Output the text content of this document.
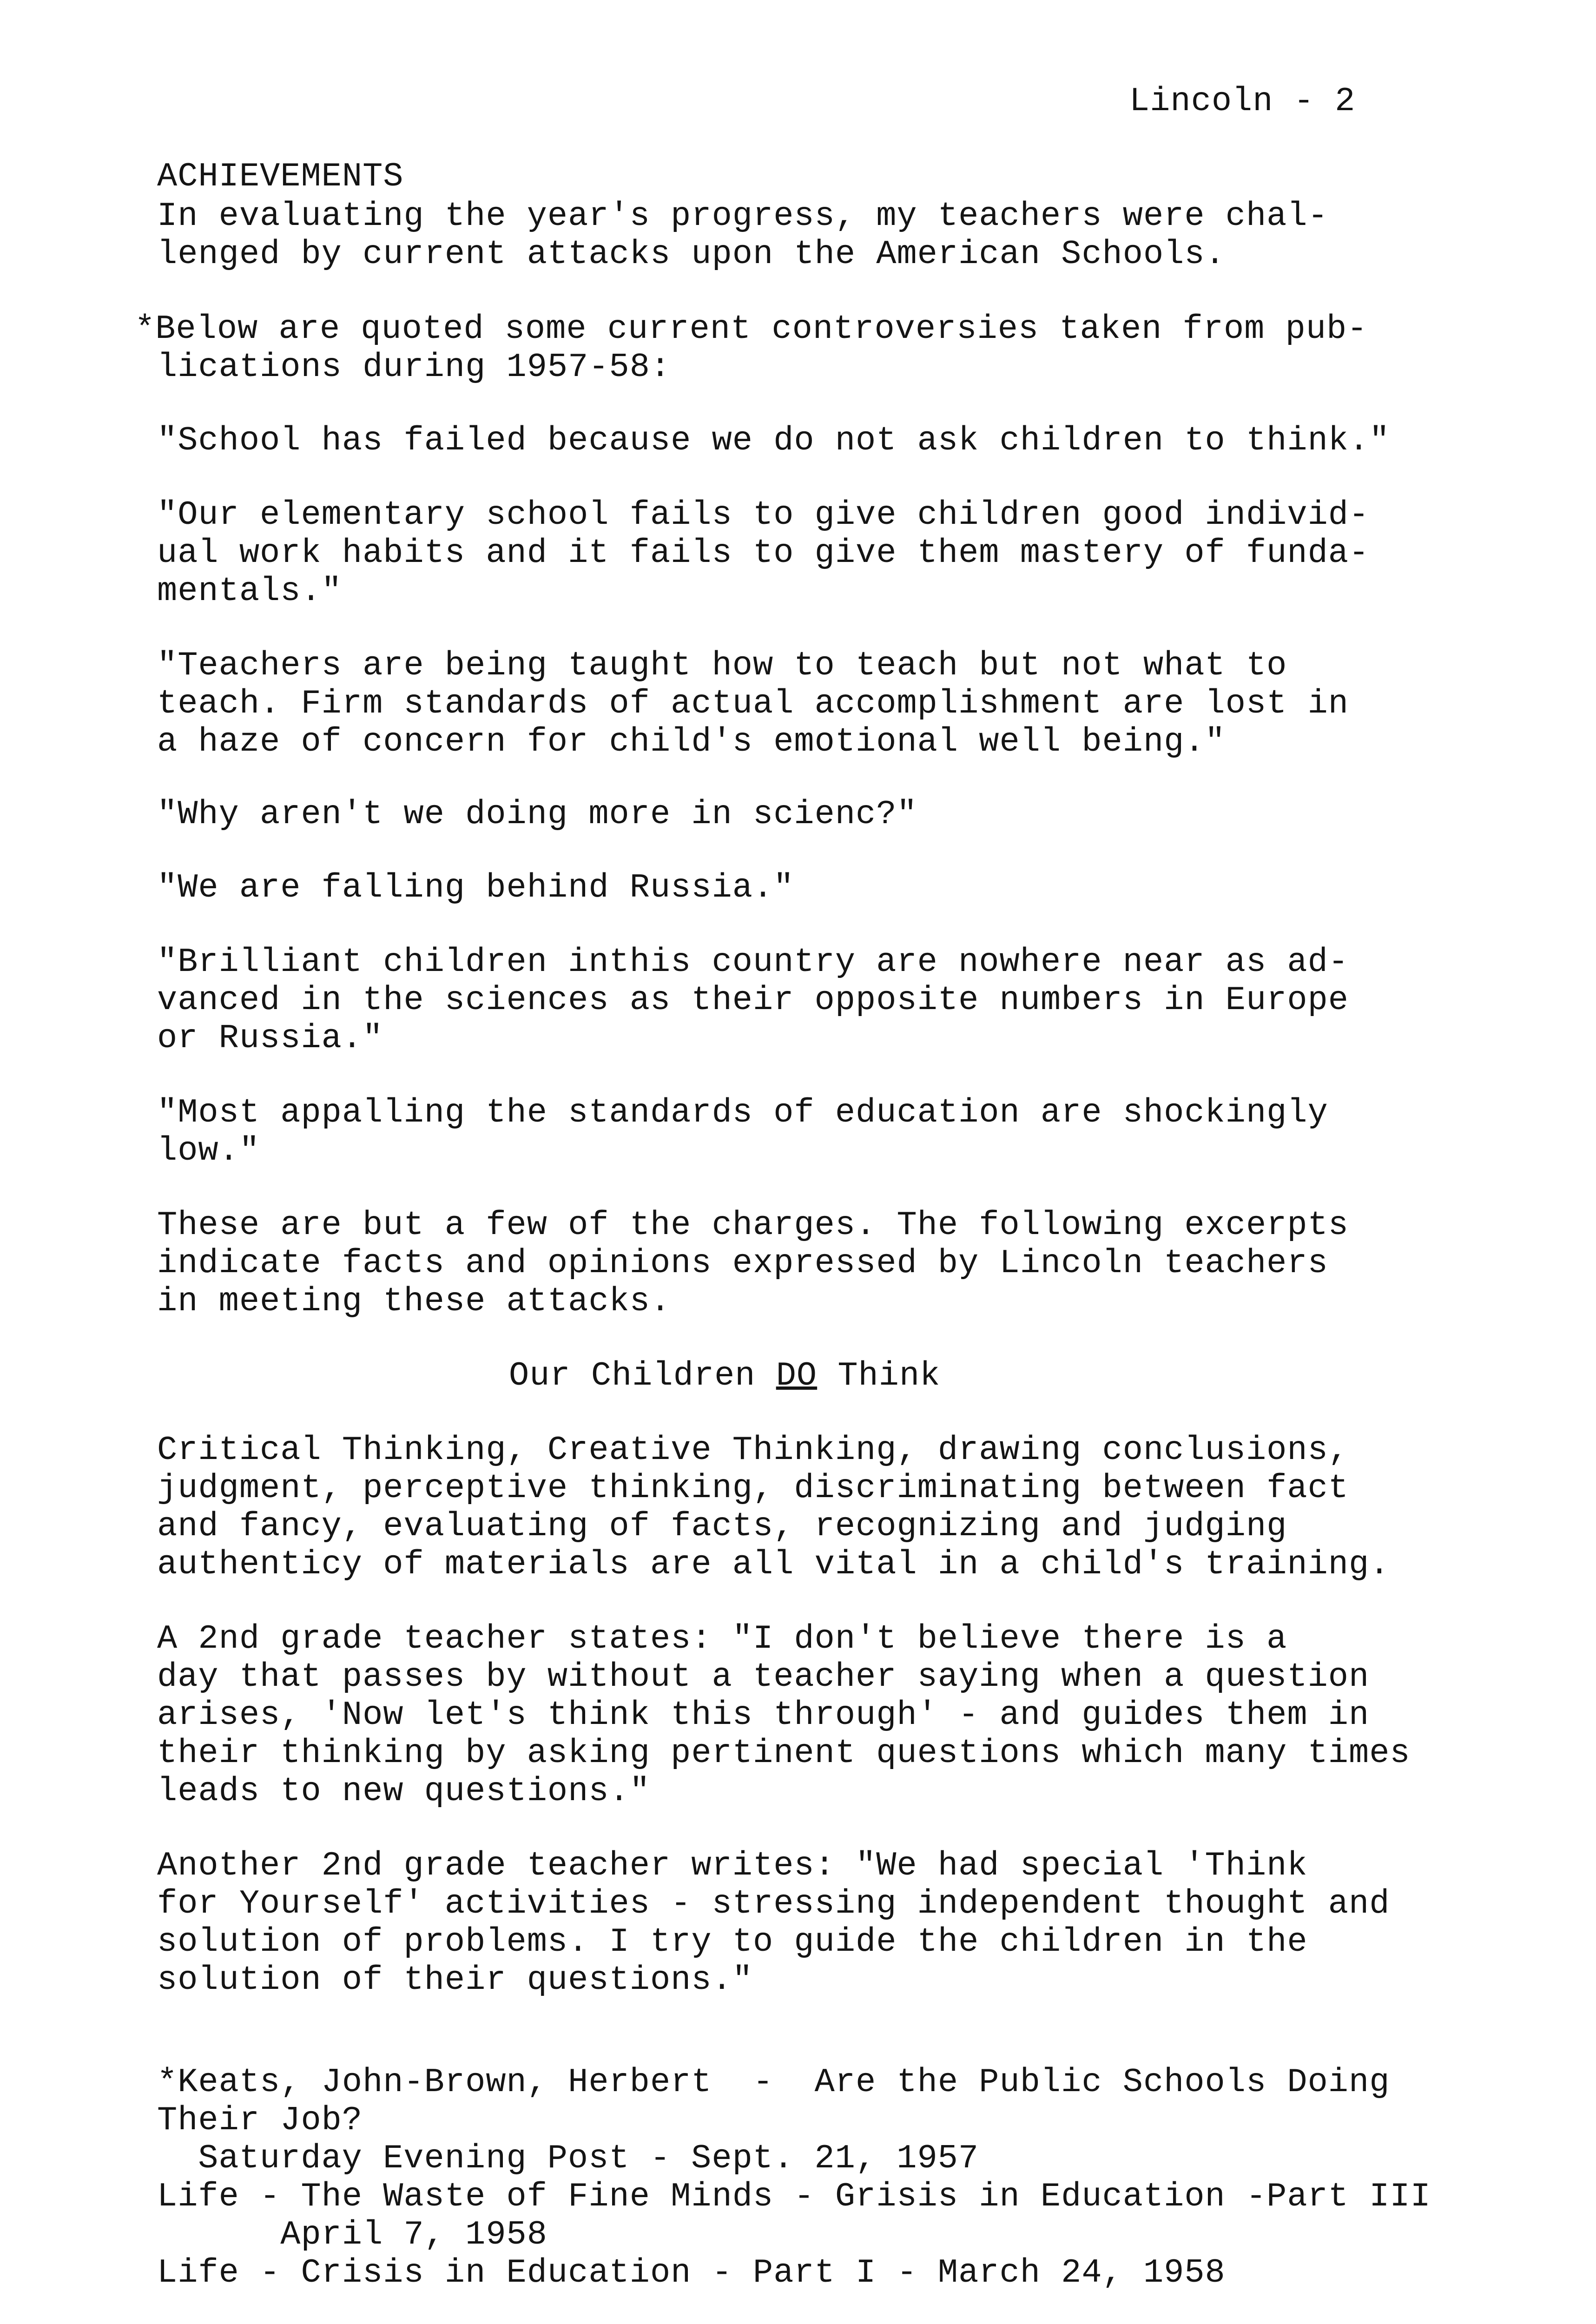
Lincoln - 2

ACHIEVEMENTS

In evaluating the year's progress, my teachers were chal-

lenged by current attacks upon the American Schools.

*Below are quoted some current controversies taken from pub-

lications during 1957-58:

"School has failed because we do not ask children to think."

"Our elementary school fails to give children good individ-

ual work habits and it fails to give them mastery of funda-

mentals."

"Teachers are being taught how to teach but not what to

teach. Firm standards of actual accomplishment are lost in

a haze of concern for child's emotional well being."

"Why aren't we doing more in scienc?"

"We are falling behind Russia."

"Brilliant children inthis country are nowhere near as ad-

vanced in the sciences as their opposite numbers in Europe

or Russia."

"Most appalling the standards of education are shockingly

low."

These are but a few of the charges. The following excerpts

indicate facts and opinions expressed by Lincoln teachers

in meeting these attacks.

Our Children DO Think

Critical Thinking, Creative Thinking, drawing conclusions,

judgment, perceptive thinking, discriminating between fact

and fancy, evaluating of facts, recognizing and judging

authenticy of materials are all vital in a child's training.

A 2nd grade teacher states: "I don't believe there is a

day that passes by without a teacher saying when a question

arises, 'Now let's think this through' - and guides them in

their thinking by asking pertinent questions which many times

leads to new questions."

Another 2nd grade teacher writes: "We had special 'Think

for Yourself' activities - stressing independent thought and

solution of problems. I try to guide the children in the

solution of their questions."

*Keats, John-Brown, Herbert  -  Are the Public Schools Doing

Their Job?

Saturday Evening Post - Sept. 21, 1957

Life - The Waste of Fine Minds - Grisis in Education -Part III

April 7, 1958

Life - Crisis in Education - Part I - March 24, 1958
